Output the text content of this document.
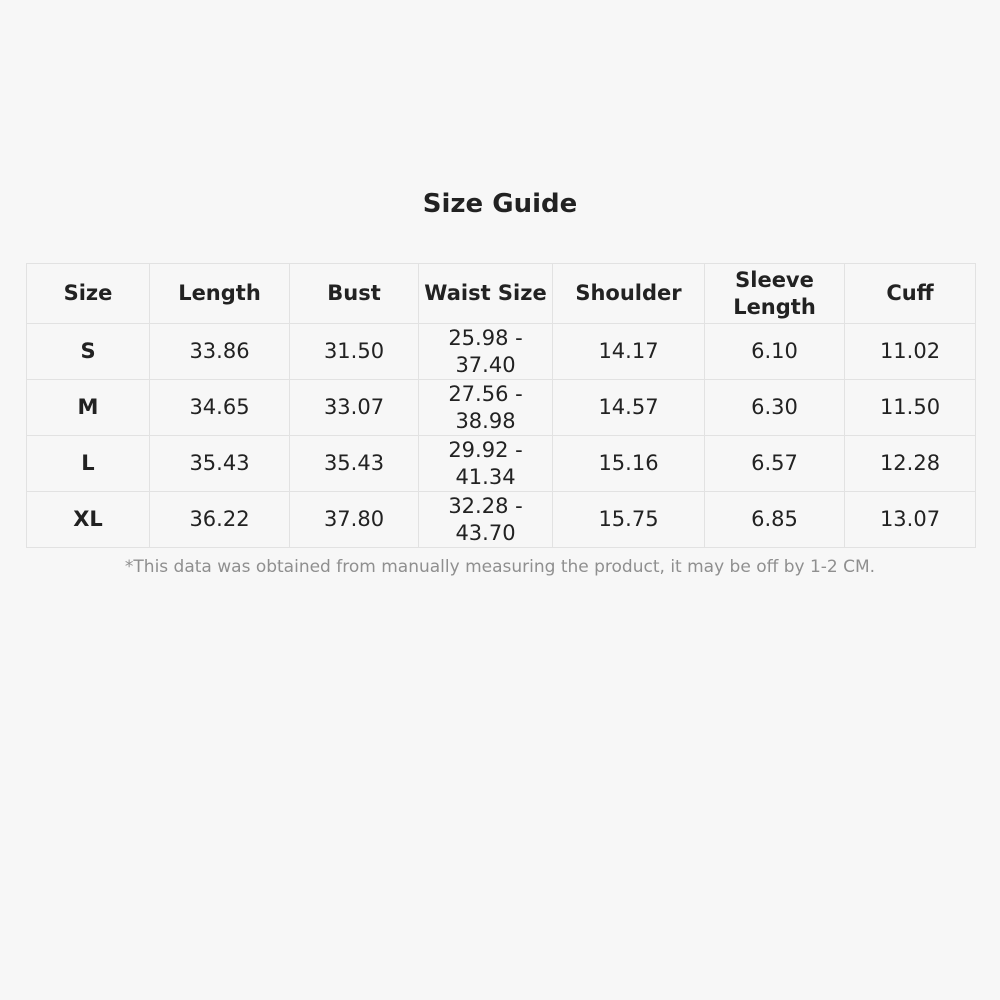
Size Guide
Size	Length	Bust	Waist Size	Shoulder	Sleeve Length	Cuff
S	33.86	31.50	25.98 - 37.40	14.17	6.10	11.02
M	34.65	33.07	27.56 - 38.98	14.57	6.30	11.50
L	35.43	35.43	29.92 - 41.34	15.16	6.57	12.28
XL	36.22	37.80	32.28 - 43.70	15.75	6.85	13.07
*This data was obtained from manually measuring the product, it may be off by 1-2 CM.
